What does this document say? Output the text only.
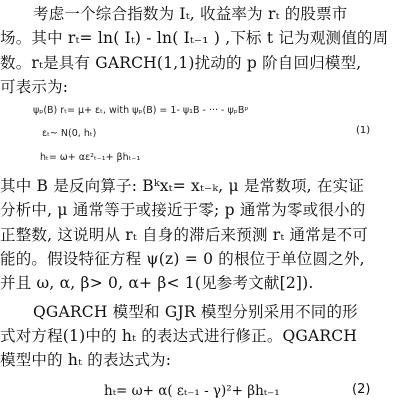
考虑一个综合指数为 Iₜ, 收益率为 rₜ 的股票市
场。其中 rₜ= ln( Iₜ) - ln( Iₜ₋₁ ) ,下标 t 记为观测值的周
数。rₜ是具有 GARCH(1,1)扰动的 p 阶自回归模型,
可表示为:
ψₚ(B) rₜ= μ+ εₜ, with ψₚ(B) = 1- ψ₁B - ··· - ψₚBᵖ
εₜ~ N(0, hₜ)	(1)
hₜ= ω+ αε²ₜ₋₁+ βhₜ₋₁
其中 B 是反向算子: Bᵏxₜ= xₜ₋ₖ, μ 是常数项, 在实证
分析中, μ 通常等于或接近于零; p 通常为零或很小的
正整数, 这说明从 rₜ 自身的滞后来预测 rₜ 通常是不可
能的。假设特征方程 ψ(z) = 0 的根位于单位圆之外,
并且 ω, α, β> 0, α+ β< 1(见参考文献[2]).
QGARCH 模型和 GJR 模型分别采用不同的形
式对方程(1)中的 hₜ 的表达式进行修正。QGARCH
模型中的 hₜ 的表达式为:
hₜ= ω+ α( εₜ₋₁ - γ)²+ βhₜ₋₁	(2)
